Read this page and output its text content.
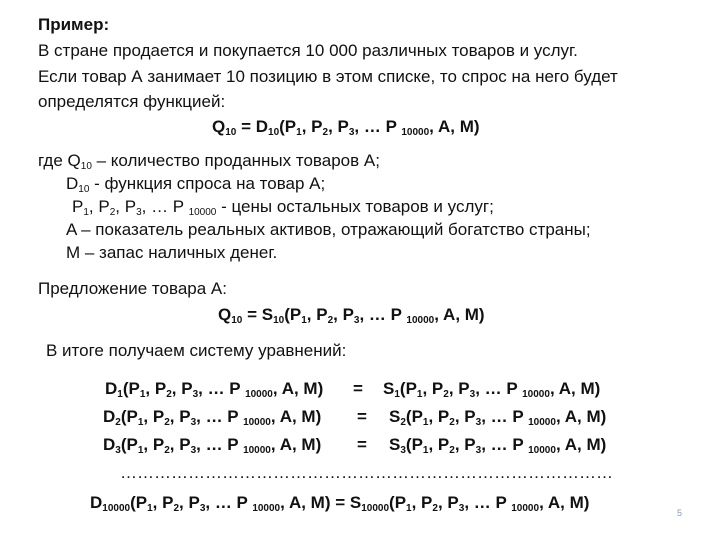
Пример:
В стране продается и покупается 10 000 различных товаров и услуг.
Если товар А занимает 10 позицию в этом списке, то спрос на него будет
определятся функцией:
$Q_{10} = D_{10}(P_1$, $P_2$, $P_3$, … P $_{10000}$, A, M)
где $Q_{10}$ – количество проданных товаров А;
$D_{10}$ - функция спроса на товар А;
$P_1$, $P_2$, $P_3$, … P $_{10000}$ - цены остальных товаров и услуг;
A – показатель реальных активов, отражающий богатство страны;
M – запас наличных денег.
Предложение товара А:
$Q_{10} = S_{10}(P_1$, $P_2$, $P_3$, … P $_{10000}$, A, M)
В итоге получаем систему уравнений:
$D_1(P_1$, $P_2$, $P_3$, … P $_{10000}$, A, $M) = S_1(P_1$, $P_2$, $P_3$, … P $_{10000}$, A, M)
$D_2(P_1$, $P_2$, $P_3$, … P $_{10000}$, A, $M) = S_2(P_1$, $P_2$, $P_3$, … P $_{10000}$, A, M)
$D_3(P_1$, $P_2$, $P_3$, … P $_{10000}$, A, $M) = S_3(P_1$, $P_2$, $P_3$, … P $_{10000}$, A, M)
……………………………………………………………………………
$D_{10000}(P_1$, $P_2$, $P_3$, … P $_{10000}$, A, $M) = S_{10000}(P_1$, $P_2$, $P_3$, … P $_{10000}$, A, M)
5
